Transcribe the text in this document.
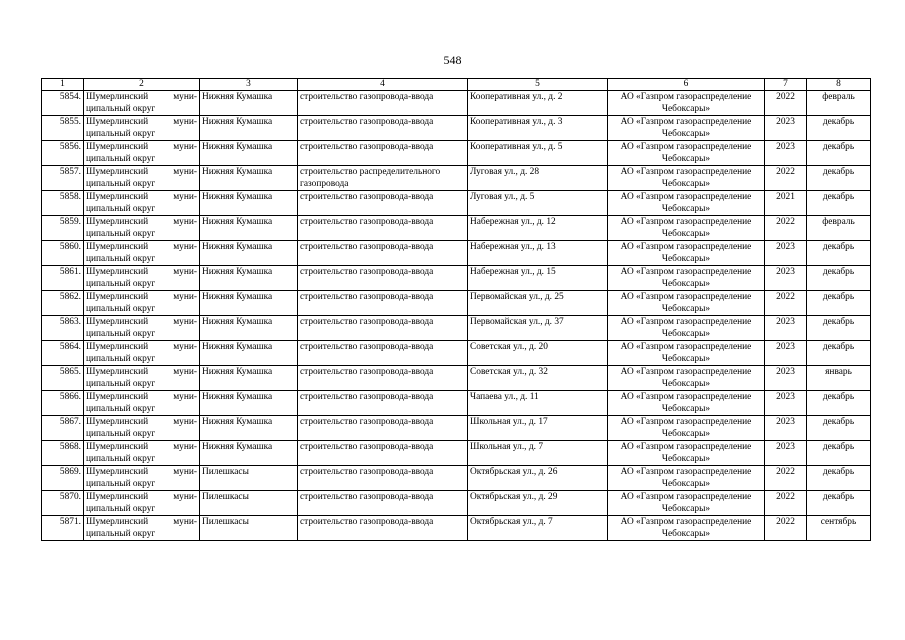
548
1	2	3	4	5	6	7	8
5854.	Шумерлинский муни-ципальный округ	Нижняя Кумашка	строительство газопровода-ввода	Кооперативная ул., д. 2	АО «Газпром газораспределение Чебоксары»	2022	февраль
5855.	Шумерлинский муни-ципальный округ	Нижняя Кумашка	строительство газопровода-ввода	Кооперативная ул., д. 3	АО «Газпром газораспределение Чебоксары»	2023	декабрь
5856.	Шумерлинский муни-ципальный округ	Нижняя Кумашка	строительство газопровода-ввода	Кооперативная ул., д. 5	АО «Газпром газораспределение Чебоксары»	2023	декабрь
5857.	Шумерлинский муни-ципальный округ	Нижняя Кумашка	строительство распределительного газопровода	Луговая ул., д. 28	АО «Газпром газораспределение Чебоксары»	2022	декабрь
5858.	Шумерлинский муни-ципальный округ	Нижняя Кумашка	строительство газопровода-ввода	Луговая ул., д. 5	АО «Газпром газораспределение Чебоксары»	2021	декабрь
5859.	Шумерлинский муни-ципальный округ	Нижняя Кумашка	строительство газопровода-ввода	Набережная ул., д. 12	АО «Газпром газораспределение Чебоксары»	2022	февраль
5860.	Шумерлинский муни-ципальный округ	Нижняя Кумашка	строительство газопровода-ввода	Набережная ул., д. 13	АО «Газпром газораспределение Чебоксары»	2023	декабрь
5861.	Шумерлинский муни-ципальный округ	Нижняя Кумашка	строительство газопровода-ввода	Набережная ул., д. 15	АО «Газпром газораспределение Чебоксары»	2023	декабрь
5862.	Шумерлинский муни-ципальный округ	Нижняя Кумашка	строительство газопровода-ввода	Первомайская ул., д. 25	АО «Газпром газораспределение Чебоксары»	2022	декабрь
5863.	Шумерлинский муни-ципальный округ	Нижняя Кумашка	строительство газопровода-ввода	Первомайская ул., д. 37	АО «Газпром газораспределение Чебоксары»	2023	декабрь
5864.	Шумерлинский муни-ципальный округ	Нижняя Кумашка	строительство газопровода-ввода	Советская ул., д. 20	АО «Газпром газораспределение Чебоксары»	2023	декабрь
5865.	Шумерлинский муни-ципальный округ	Нижняя Кумашка	строительство газопровода-ввода	Советская ул., д. 32	АО «Газпром газораспределение Чебоксары»	2023	январь
5866.	Шумерлинский муни-ципальный округ	Нижняя Кумашка	строительство газопровода-ввода	Чапаева ул., д. 11	АО «Газпром газораспределение Чебоксары»	2023	декабрь
5867.	Шумерлинский муни-ципальный округ	Нижняя Кумашка	строительство газопровода-ввода	Школьная ул., д. 17	АО «Газпром газораспределение Чебоксары»	2023	декабрь
5868.	Шумерлинский муни-ципальный округ	Нижняя Кумашка	строительство газопровода-ввода	Школьная ул., д. 7	АО «Газпром газораспределение Чебоксары»	2023	декабрь
5869.	Шумерлинский муни-ципальный округ	Пилешкасы	строительство газопровода-ввода	Октябрьская ул., д. 26	АО «Газпром газораспределение Чебоксары»	2022	декабрь
5870.	Шумерлинский муни-ципальный округ	Пилешкасы	строительство газопровода-ввода	Октябрьская ул., д. 29	АО «Газпром газораспределение Чебоксары»	2022	декабрь
5871.	Шумерлинский муни-ципальный округ	Пилешкасы	строительство газопровода-ввода	Октябрьская ул., д. 7	АО «Газпром газораспределение Чебоксары»	2022	сентябрь
